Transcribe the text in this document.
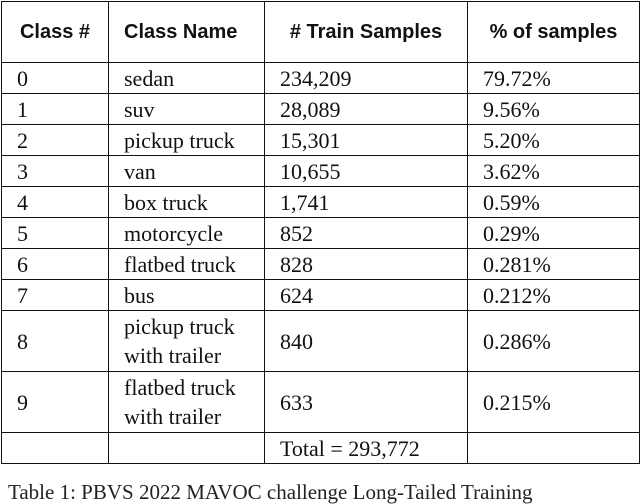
Class #	Class Name	# Train Samples	% of samples
0	sedan	234,209	79.72%
1	suv	28,089	9.56%
2	pickup truck	15,301	5.20%
3	van	10,655	3.62%
4	box truck	1,741	0.59%
5	motorcycle	852	0.29%
6	flatbed truck	828	0.281%
7	bus	624	0.212%
8	pickup truck with trailer	840	0.286%
9	flatbed truck with trailer	633	0.215%
		Total = 293,772	
Table 1: PBVS 2022 MAVOC challenge Long-Tailed Training
